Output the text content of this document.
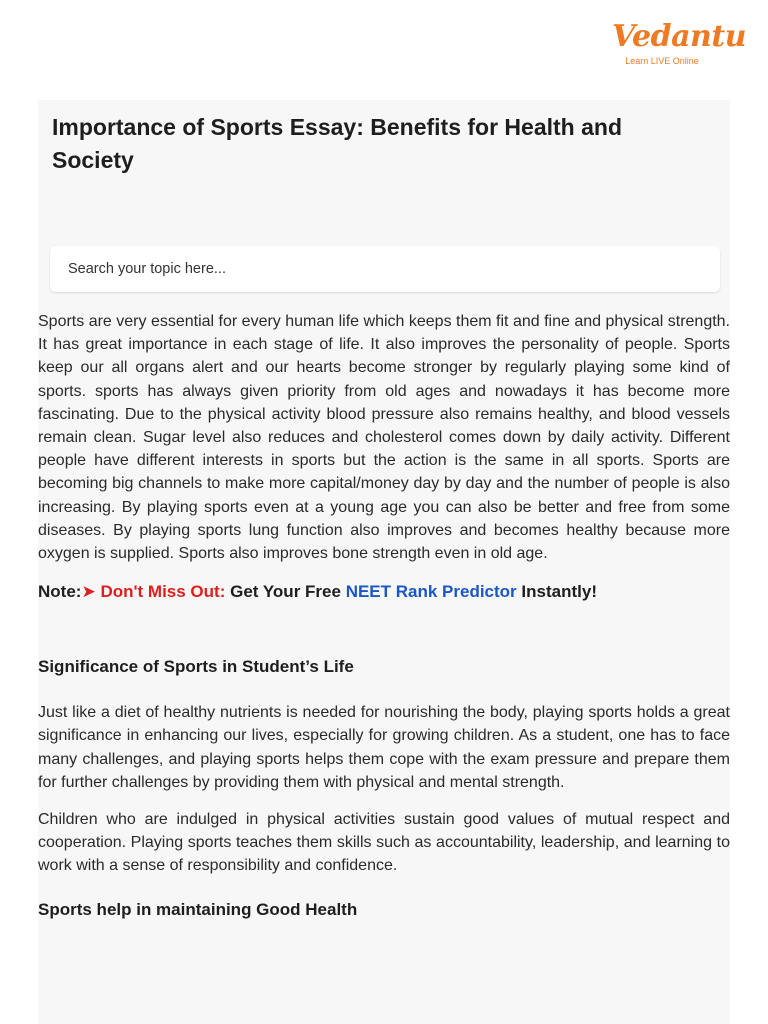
Vedantu
Learn LIVE Online
Importance of Sports Essay: Benefits for Health and Society
Search your topic here...

Sports are very essential for every human life which keeps them fit and fine and physical strength. It has great importance in each stage of life. It also improves the personality of people. Sports keep our all organs alert and our hearts become stronger by regularly playing some kind of sports. sports has always given priority from old ages and nowadays it has become more fascinating. Due to the physical activity blood pressure also remains healthy, and blood vessels remain clean. Sugar level also reduces and cholesterol comes down by daily activity. Different people have different interests in sports but the action is the same in all sports. Sports are becoming big channels to make more capital/money day by day and the number of people is also increasing. By playing sports even at a young age you can also be better and free from some diseases. By playing sports lung function also improves and becomes healthy because more oxygen is supplied. Sports also improves bone strength even in old age.

Note:➤ Don't Miss Out: Get Your Free NEET Rank Predictor Instantly!
Significance of Sports in Student’s Life

Just like a diet of healthy nutrients is needed for nourishing the body, playing sports holds a great significance in enhancing our lives, especially for growing children. As a student, one has to face many challenges, and playing sports helps them cope with the exam pressure and prepare them for further challenges by providing them with physical and mental strength.

Children who are indulged in physical activities sustain good values of mutual respect and cooperation. Playing sports teaches them skills such as accountability, leadership, and learning to work with a sense of responsibility and confidence.

Sports help in maintaining Good Health
